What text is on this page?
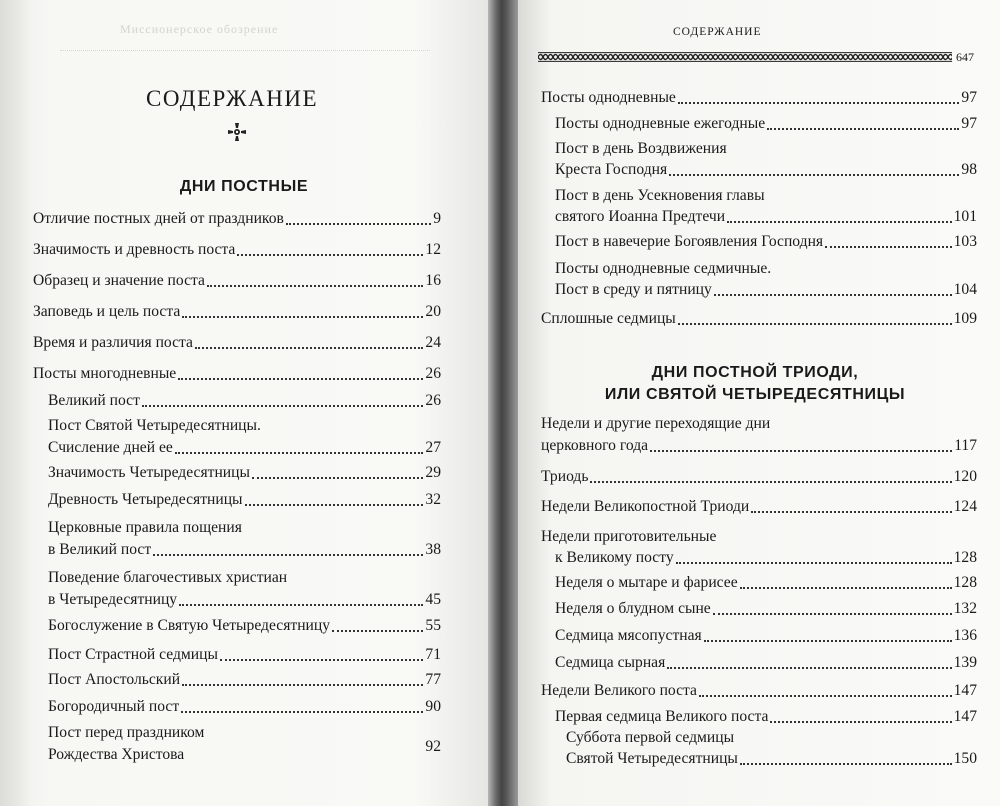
Миссионерское обозрение
СОДЕРЖАНИЕ
ДНИ ПОСТНЫЕ
Отличие постных дней от праздников	9
Значимость и древность поста	12
Образец и значение поста	16
Заповедь и цель поста	20
Время и различия поста	24
Посты многодневные	26
Великий пост	26
Пост Святой Четыредесятницы.
Счисление дней ее	27
Значимость Четыредесятницы	29
Древность Четыредесятницы	32
Церковные правила пощения
в Великий пост	38
Поведение благочестивых христиан
в Четыредесятницу	45
Богослужение в Святую Четыредесятницу	55
Пост Страстной седмицы	71
Пост Апостольский	77
Богородичный пост	90
Пост перед праздником
Рождества Христова	92
СОДЕРЖАНИЕ
647
Посты однодневные	97
Посты однодневные ежегодные	97
Пост в день Воздвижения
Креста Господня	98
Пост в день Усекновения главы
святого Иоанна Предтечи	101
Пост в навечерие Богоявления Господня	103
Посты однодневные седмичные.
Пост в среду и пятницу	104
Сплошные седмицы	109
ДНИ ПОСТНОЙ ТРИОДИ,
ИЛИ СВЯТОЙ ЧЕТЫРЕДЕСЯТНИЦЫ
Недели и другие переходящие дни
церковного года	117
Триодь	120
Недели Великопостной Триоди	124
Недели приготовительные
к Великому посту	128
Неделя о мытаре и фарисее	128
Неделя о блудном сыне	132
Седмица мясопустная	136
Седмица сырная	139
Недели Великого поста	147
Первая седмица Великого поста	147
Суббота первой седмицы
Святой Четыредесятницы	150
